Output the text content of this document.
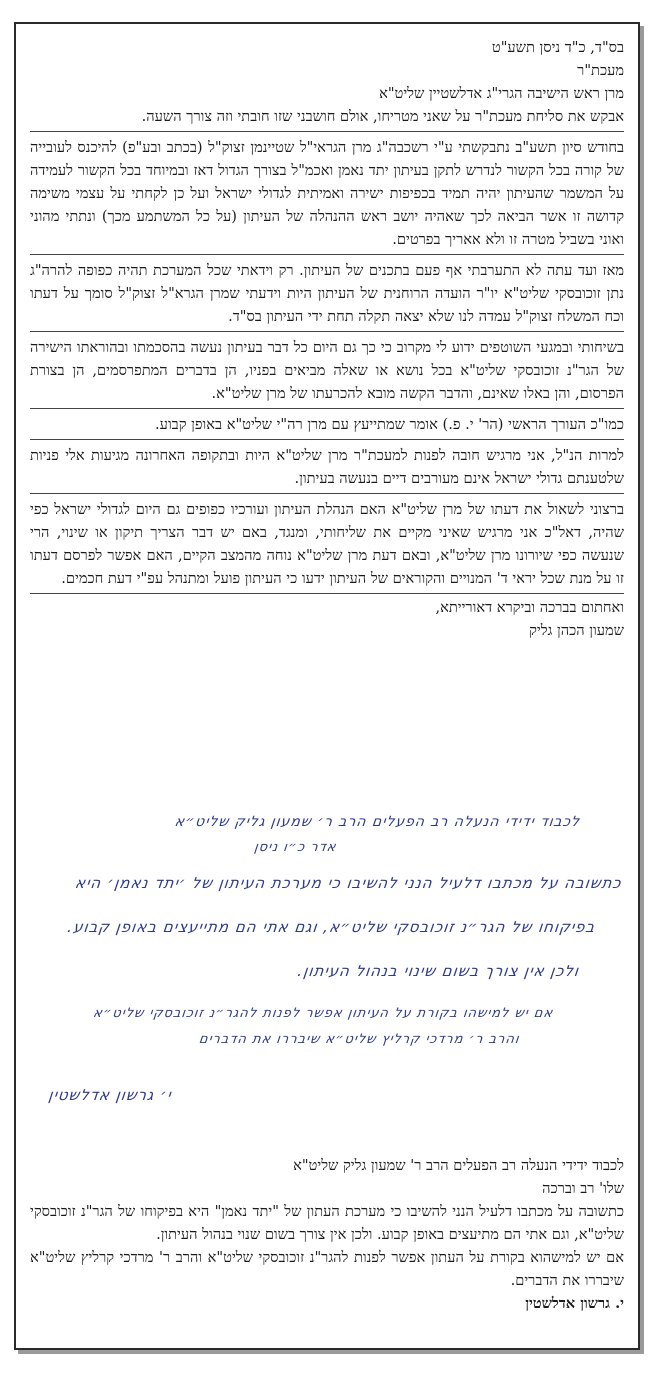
בס"ד, כ"ד ניסן תשע"ט

מעכת"ר

מרן ראש הישיבה הגרי"ג אדלשטיין שליט"א

אבקש את סליחת מעכת"ר על שאני מטריחו, אולם חושבני שזו חובתי וזה צורך השעה.

בחודש סיון תשע"ב נתבקשתי ע"י רשכבה"ג מרן הגראי"ל שטיינמן זצוק"ל (בכתב ובע"פ) להיכנס לעובייה של קורה בכל הקשור לנדרש לתקן בעיתון יתד נאמן ואכמ"ל בצורך הגדול דאז ובמיוחד בכל הקשור לעמידה על המשמר שהעיתון יהיה תמיד בכפיפות ישירה ואמיתית לגדולי ישראל ועל כן לקחתי על עצמי משימה קדושה זו אשר הביאה לכך שאהיה יושב ראש ההנהלה של העיתון (על כל המשתמע מכך) ונתתי מהוני ואוני בשביל מטרה זו ולא אאריך בפרטים.

מאז ועד עתה לא התערבתי אף פעם בתכנים של העיתון. רק וידאתי שכל המערכת תהיה כפופה להרה"ג נתן זוכובסקי שליט"א יו"ר הועדה הרוחנית של העיתון היות וידעתי שמרן הגרא"ל זצוק"ל סומך על דעתו וכח המשלח זצוק"ל עמדה לנו שלא יצאה תקלה תחת ידי העיתון בס"ד.

בשיחותי ובמגעי השוטפים ידוע לי מקרוב כי כך גם היום כל דבר בעיתון נעשה בהסכמתו ובהוראתו הישירה של הגר"נ זוכובסקי שליט"א בכל נושא או שאלה מביאים בפניו, הן בדברים המתפרסמים, הן בצורת הפרסום, והן באלו שאינם, והדבר הקשה מובא להכרעתו של מרן שליט"א.

כמו"כ העורך הראשי (הר' י. פ.) אומר שמתייעץ עם מרן רה"י שליט"א באופן קבוע.

למרות הנ"ל, אני מרגיש חובה לפנות למעכת"ר מרן שליט"א היות ובתקופה האחרונה מגיעות אלי פניות שלטענתם גדולי ישראל אינם מעורבים דיים בנעשה בעיתון.

ברצוני לשאול את דעתו של מרן שליט"א האם הנהלת העיתון ועורכיו כפופים גם היום לגדולי ישראל כפי שהיה, דאל"כ אני מרגיש שאיני מקיים את שליחותי, ומנגד, באם יש דבר הצריך תיקון או שינוי, הרי שנעשה כפי שיורונו מרן שליט"א, ובאם דעת מרן שליט"א נוחה מהמצב הקיים, האם אפשר לפרסם דעתו זו על מנת שכל יראי ד' המנויים והקוראים של העיתון ידעו כי העיתון פועל ומתנהל עפ"י דעת חכמים.

ואחתום בברכה וביקרא דאורייתא,

שמעון הכהן גליק

לכבוד ידידי הנעלה רב הפעלים הרב ר׳ שמעון גליק שליט״א
אדר כ״ו ניסן
כתשובה על מכתבו דלעיל הנני להשיבו כי מערכת העיתון של ׳יתד נאמן׳ היא
בפיקוחו של הגר״נ זוכובסקי שליט״א, וגם אתי הם מתייעצים באופן קבוע.
ולכן אין צורך בשום שינוי בנהול העיתון.
אם יש למישהו בקורת על העיתון אפשר לפנות להגר״נ זוכובסקי שליט״א
והרב ר׳ מרדכי קרליץ שליט״א שיבררו את הדברים
י׳ גרשון אדלשטין

לכבוד ידידי הנעלה רב הפעלים הרב ר' שמעון גליק שליט"א

שלו' רב וברכה

כתשובה על מכתבו דלעיל הנני להשיבו כי מערכת העתון של "יתד נאמן" היא בפיקוחו של הגר"נ זוכובסקי שליט"א, וגם אתי הם מתיעצים באופן קבוע. ולכן אין צורך בשום שנוי בנהול העיתון.

אם יש למישהוא בקורת על העתון אפשר לפנות להגר"נ זוכובסקי שליט"א והרב ר' מרדכי קרליץ שליט"א שיבררו את הדברים.

י. גרשון אדלשטין
